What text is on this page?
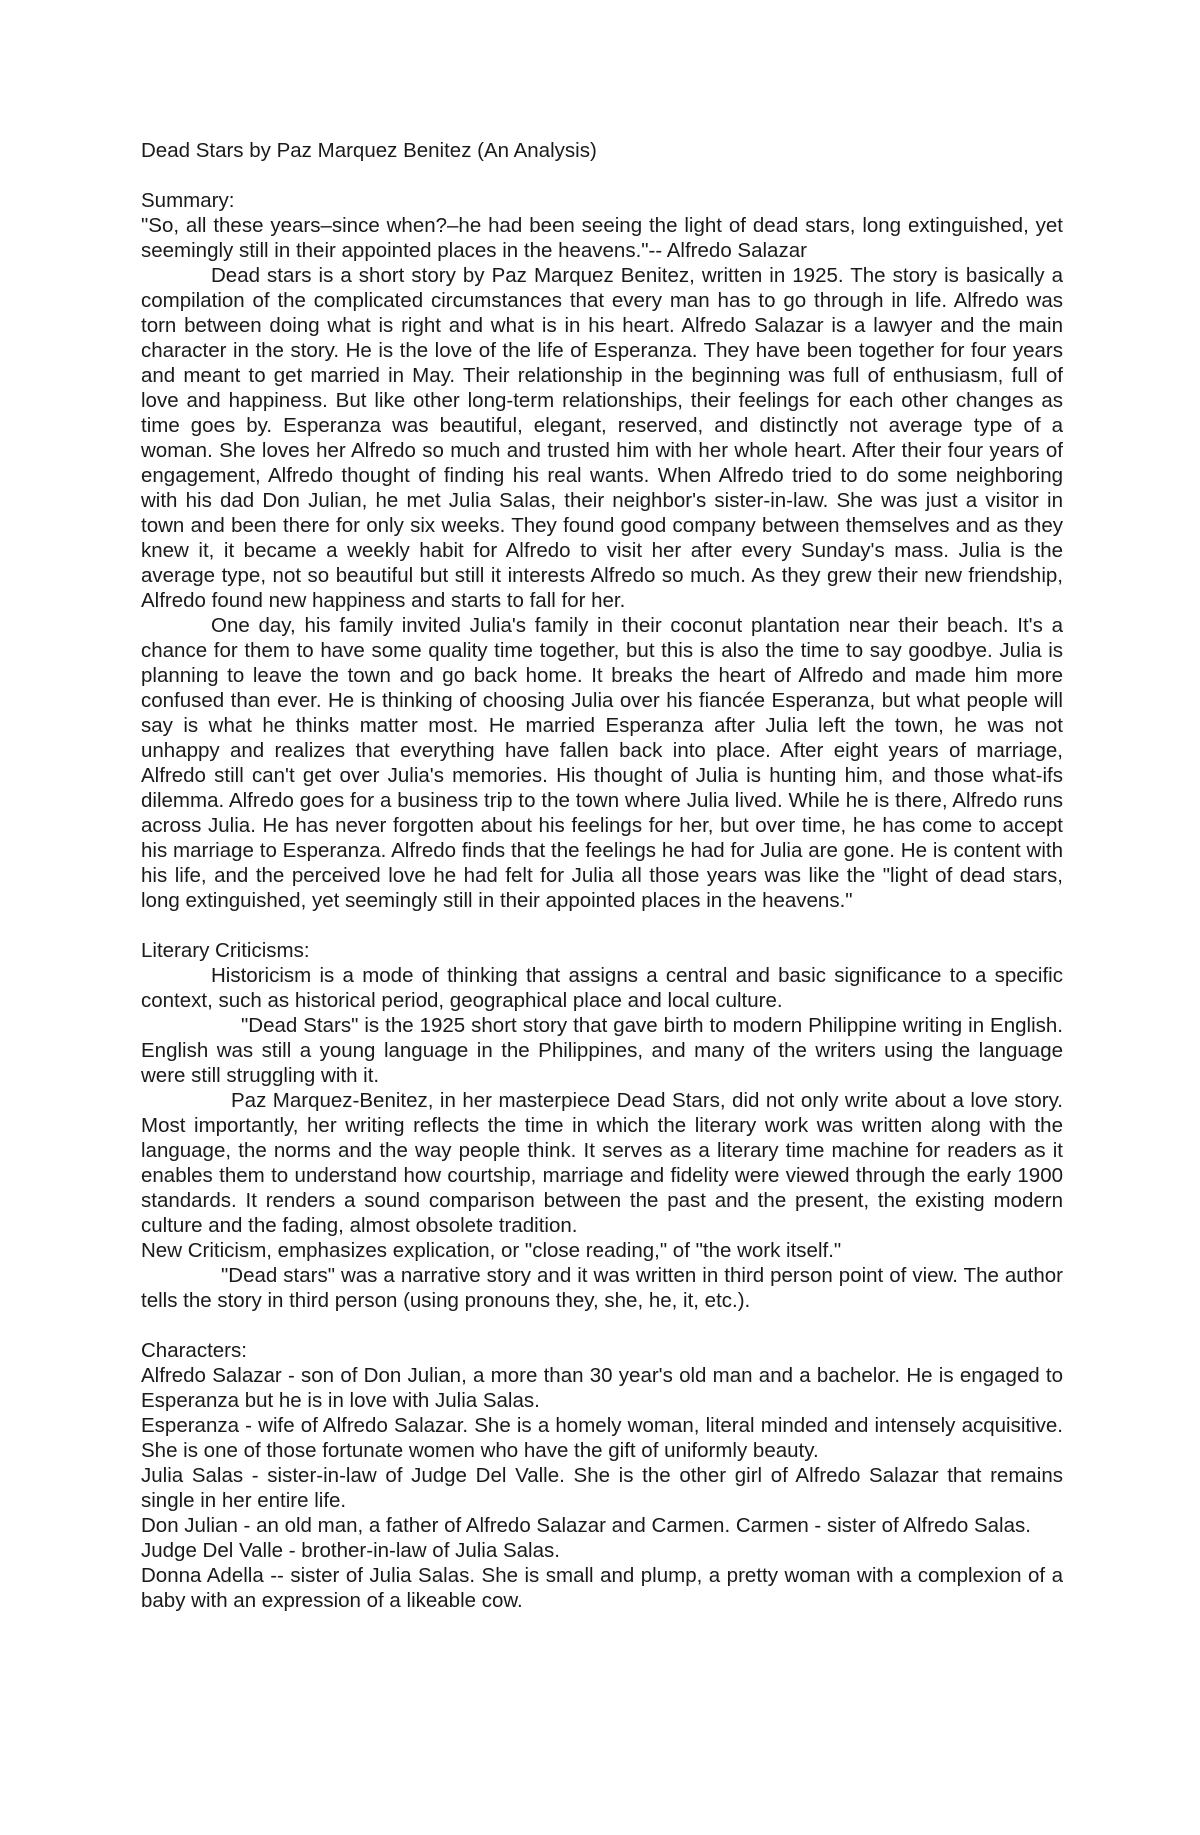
Dead Stars by Paz Marquez Benitez (An Analysis)

Summary:

"So, all these years–since when?–he had been seeing the light of dead stars, long extinguished, yet seemingly still in their appointed places in the heavens."-- Alfredo Salazar

Dead stars is a short story by Paz Marquez Benitez, written in 1925. The story is basically a compilation of the complicated circumstances that every man has to go through in life. Alfredo was torn between doing what is right and what is in his heart. Alfredo Salazar is a lawyer and the main character in the story. He is the love of the life of Esperanza. They have been together for four years and meant to get married in May. Their relationship in the beginning was full of enthusiasm, full of love and happiness. But like other long-term relationships, their feelings for each other changes as time goes by. Esperanza was beautiful, elegant, reserved, and distinctly not average type of a woman. She loves her Alfredo so much and trusted him with her whole heart. After their four years of engagement, Alfredo thought of finding his real wants. When Alfredo tried to do some neighboring with his dad Don Julian, he met Julia Salas, their neighbor's sister-in-law. She was just a visitor in town and been there for only six weeks. They found good company between themselves and as they knew it, it became a weekly habit for Alfredo to visit her after every Sunday's mass. Julia is the average type, not so beautiful but still it interests Alfredo so much. As they grew their new friendship, Alfredo found new happiness and starts to fall for her.

One day, his family invited Julia's family in their coconut plantation near their beach. It's a chance for them to have some quality time together, but this is also the time to say goodbye. Julia is planning to leave the town and go back home. It breaks the heart of Alfredo and made him more confused than ever. He is thinking of choosing Julia over his fiancée Esperanza, but what people will say is what he thinks matter most. He married Esperanza after Julia left the town, he was not unhappy and realizes that everything have fallen back into place. After eight years of marriage, Alfredo still can't get over Julia's memories. His thought of Julia is hunting him, and those what-ifs dilemma. Alfredo goes for a business trip to the town where Julia lived. While he is there, Alfredo runs across Julia. He has never forgotten about his feelings for her, but over time, he has come to accept his marriage to Esperanza. Alfredo finds that the feelings he had for Julia are gone. He is content with his life, and the perceived love he had felt for Julia all those years was like the "light of dead stars, long extinguished, yet seemingly still in their appointed places in the heavens."

Literary Criticisms:

Historicism is a mode of thinking that assigns a central and basic significance to a specific context, such as historical period, geographical place and local culture.

"Dead Stars" is the 1925 short story that gave birth to modern Philippine writing in English. English was still a young language in the Philippines, and many of the writers using the language were still struggling with it.

Paz Marquez-Benitez, in her masterpiece Dead Stars, did not only write about a love story. Most importantly, her writing reflects the time in which the literary work was written along with the language, the norms and the way people think. It serves as a literary time machine for readers as it enables them to understand how courtship, marriage and fidelity were viewed through the early 1900 standards. It renders a sound comparison between the past and the present, the existing modern culture and the fading, almost obsolete tradition.

New Criticism, emphasizes explication, or "close reading," of "the work itself."

"Dead stars" was a narrative story and it was written in third person point of view. The author tells the story in third person (using pronouns they, she, he, it, etc.).

Characters:

Alfredo Salazar - son of Don Julian, a more than 30 year's old man and a bachelor. He is engaged to Esperanza but he is in love with Julia Salas.

Esperanza - wife of Alfredo Salazar. She is a homely woman, literal minded and intensely acquisitive. She is one of those fortunate women who have the gift of uniformly beauty.

Julia Salas - sister-in-law of Judge Del Valle. She is the other girl of Alfredo Salazar that remains single in her entire life.

Don Julian - an old man, a father of Alfredo Salazar and Carmen. Carmen - sister of Alfredo Salas.

Judge Del Valle - brother-in-law of Julia Salas.

Donna Adella -- sister of Julia Salas. She is small and plump, a pretty woman with a complexion of a baby with an expression of a likeable cow.
